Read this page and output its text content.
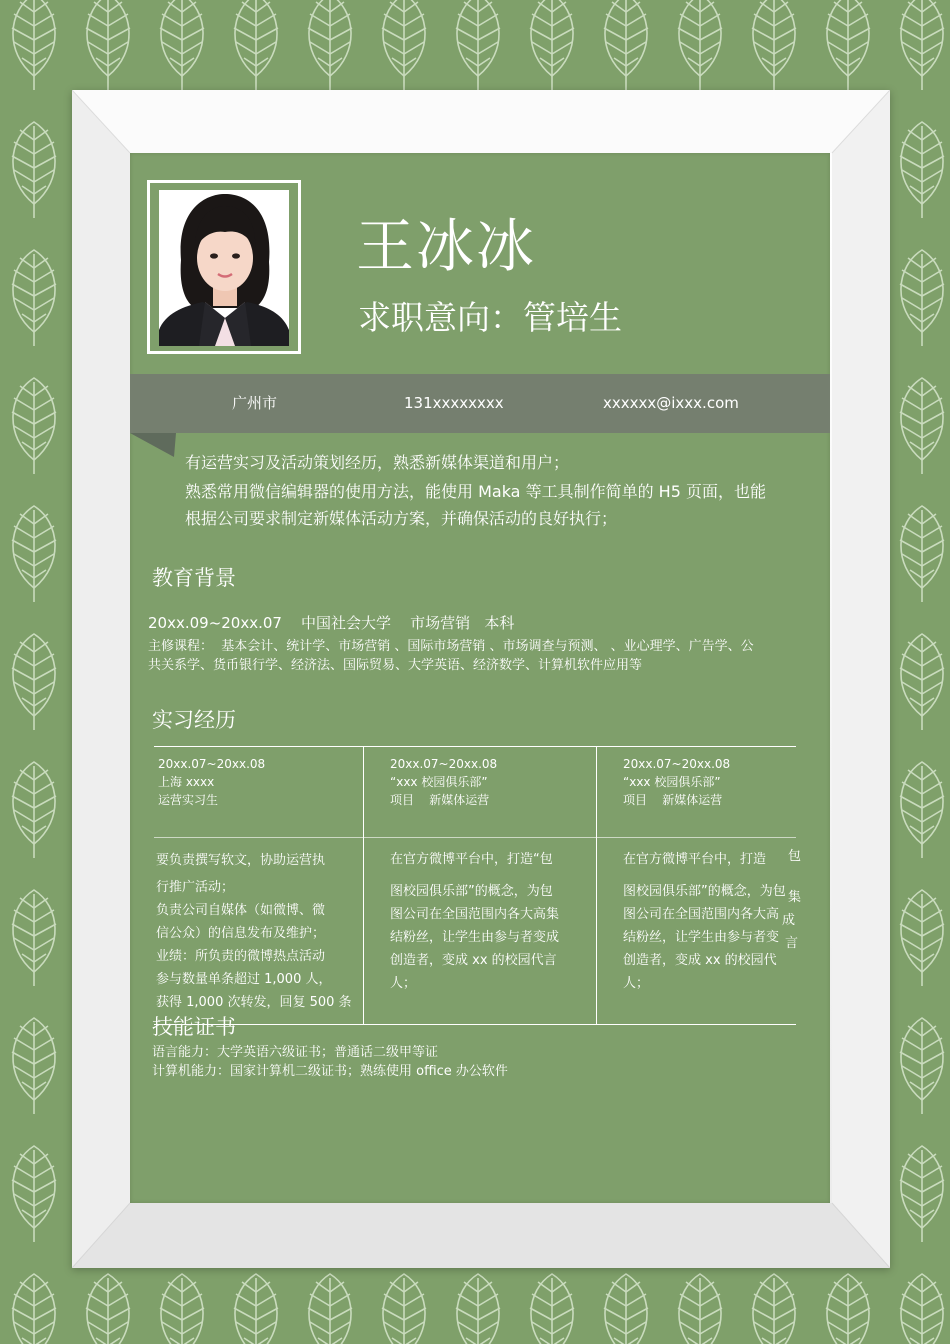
王冰冰
求职意向：管培生
广州市	131xxxxxxxx	xxxxxx@ixxx.com
有运营实习及活动策划经历，熟悉新媒体渠道和用户；
熟悉常用微信编辑器的使用方法，能使用 Maka 等工具制作简单的 H5 页面，也能
根据公司要求制定新媒体活动方案，并确保活动的良好执行；
教育背景
20xx.09~20xx.07    中国社会大学    市场营销   本科
主修课程：  基本会计、统计学、市场营销 、国际市场营销 、市场调查与预测、 、业心理学、广告学、公
共关系学、货币银行学、经济法、国际贸易、大学英语、经济数学、计算机软件应用等
实习经历
20xx.07~20xx.08
上海 xxxx
运营实习生
要负责撰写软文，协助运营执
行推广活动；
负责公司自媒体（如微博、微
信公众）的信息发布及维护；
业绩：所负责的微博热点活动
参与数量单条超过 1,000 人，
获得 1,000 次转发，回复 500 条
20xx.07~20xx.08
“xxx 校园俱乐部”
项目    新媒体运营
在官方微博平台中，打造“包
图校园俱乐部”的概念，为包
图公司在全国范围内各大高集
结粉丝，让学生由参与者变成
创造者，变成 xx 的校园代言
人；
20xx.07~20xx.08
“xxx 校园俱乐部”
项目    新媒体运营
在官方微博平台中，打造
图校园俱乐部”的概念，为包
图公司在全国范围内各大高
结粉丝，让学生由参与者变
创造者，变成 xx 的校园代
人；
包
集
成
言
技能证书
语言能力：大学英语六级证书；普通话二级甲等证
计算机能力：国家计算机二级证书；熟练使用 office 办公软件
